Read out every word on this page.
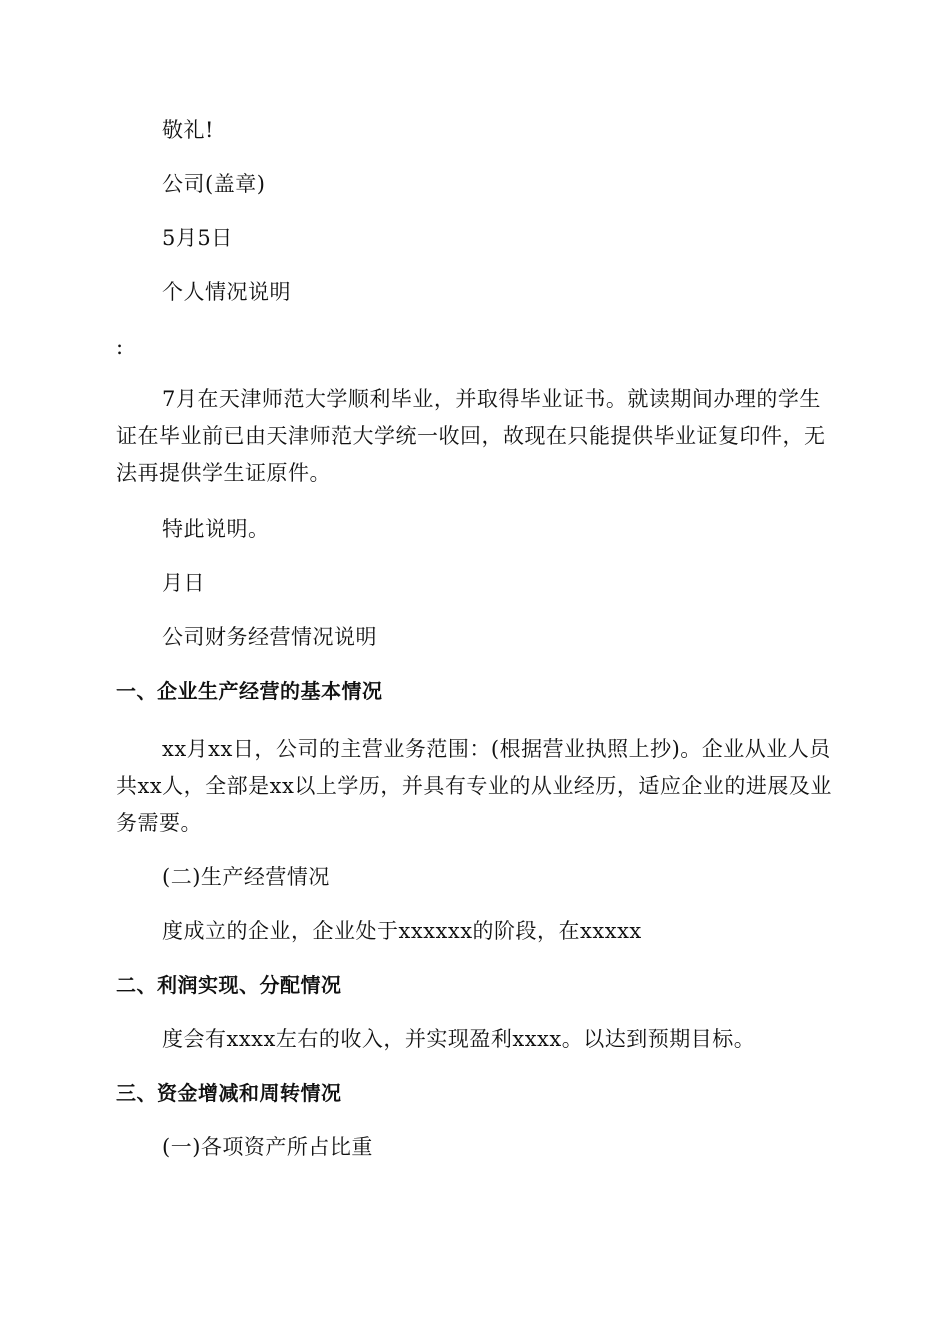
敬礼!
公司(盖章)
5月5日
个人情况说明
:
7月在天津师范大学顺利毕业，并取得毕业证书。就读期间办理的学生证在毕业前已由天津师范大学统一收回，故现在只能提供毕业证复印件，无法再提供学生证原件。
特此说明。
月日
公司财务经营情况说明
一、企业生产经营的基本情况
xx月xx日，公司的主营业务范围：(根据营业执照上抄)。企业从业人员共xx人，全部是xx以上学历，并具有专业的从业经历，适应企业的进展及业务需要。
(二)生产经营情况
度成立的企业，企业处于xxxxxx的阶段，在xxxxx
二、利润实现、分配情况
度会有xxxx左右的收入，并实现盈利xxxx。以达到预期目标。
三、资金增减和周转情况
(一)各项资产所占比重
